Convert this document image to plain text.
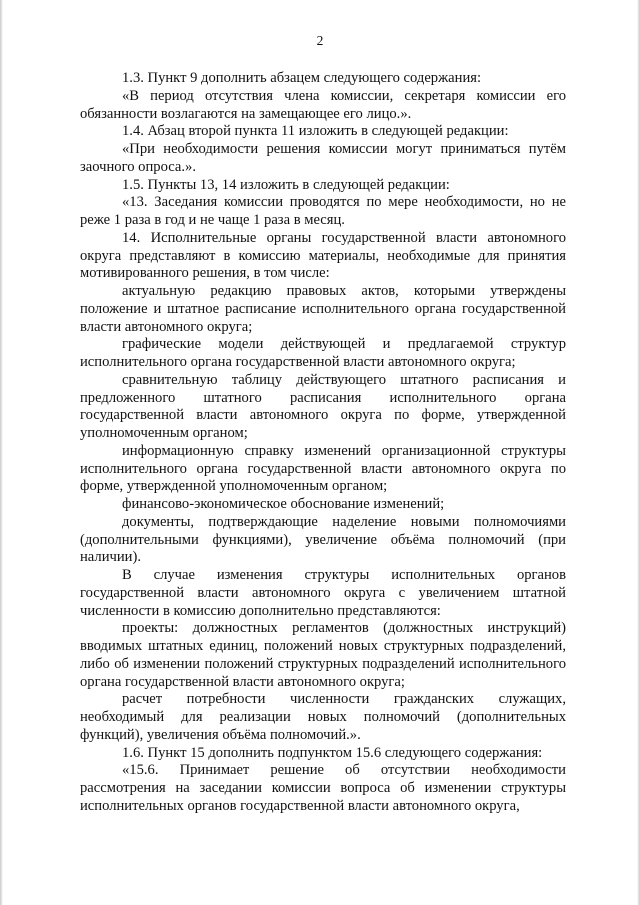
2

1.3. Пункт 9 дополнить абзацем следующего содержания:

«В период отсутствия члена комиссии, секретаря комиссии его обязанности возлагаются на замещающее его лицо.».

1.4. Абзац второй пункта 11 изложить в следующей редакции:

«При необходимости решения комиссии могут приниматься путём заочного опроса.».

1.5. Пункты 13, 14 изложить в следующей редакции:

«13. Заседания комиссии проводятся по мере необходимости, но не реже 1 раза в год и не чаще 1 раза в месяц.

14. Исполнительные органы государственной власти автономного округа представляют в комиссию материалы, необходимые для принятия мотивированного решения, в том числе:

актуальную редакцию правовых актов, которыми утверждены положение и штатное расписание исполнительного органа государственной власти автономного округа;

графические модели действующей и предлагаемой структур исполнительного органа государственной власти автономного округа;

сравнительную таблицу действующего штатного расписания и предложенного штатного расписания исполнительного органа государственной власти автономного округа по форме, утвержденной уполномоченным органом;

информационную справку изменений организационной структуры исполнительного органа государственной власти автономного округа по форме, утвержденной уполномоченным органом;

финансово-экономическое обоснование изменений;

документы, подтверждающие наделение новыми полномочиями (дополнительными функциями), увеличение объёма полномочий (при наличии).

В случае изменения структуры исполнительных органов государственной власти автономного округа с увеличением штатной численности в комиссию дополнительно представляются:

проекты: должностных регламентов (должностных инструкций) вводимых штатных единиц, положений новых структурных подразделений, либо об изменении положений структурных подразделений исполнительного органа государственной власти автономного округа;

расчет потребности численности гражданских служащих, необходимый для реализации новых полномочий (дополнительных функций), увеличения объёма полномочий.».

1.6. Пункт 15 дополнить подпунктом 15.6 следующего содержания:

«15.6. Принимает решение об отсутствии необходимости рассмотрения на заседании комиссии вопроса об изменении структуры исполнительных органов государственной власти автономного округа,
